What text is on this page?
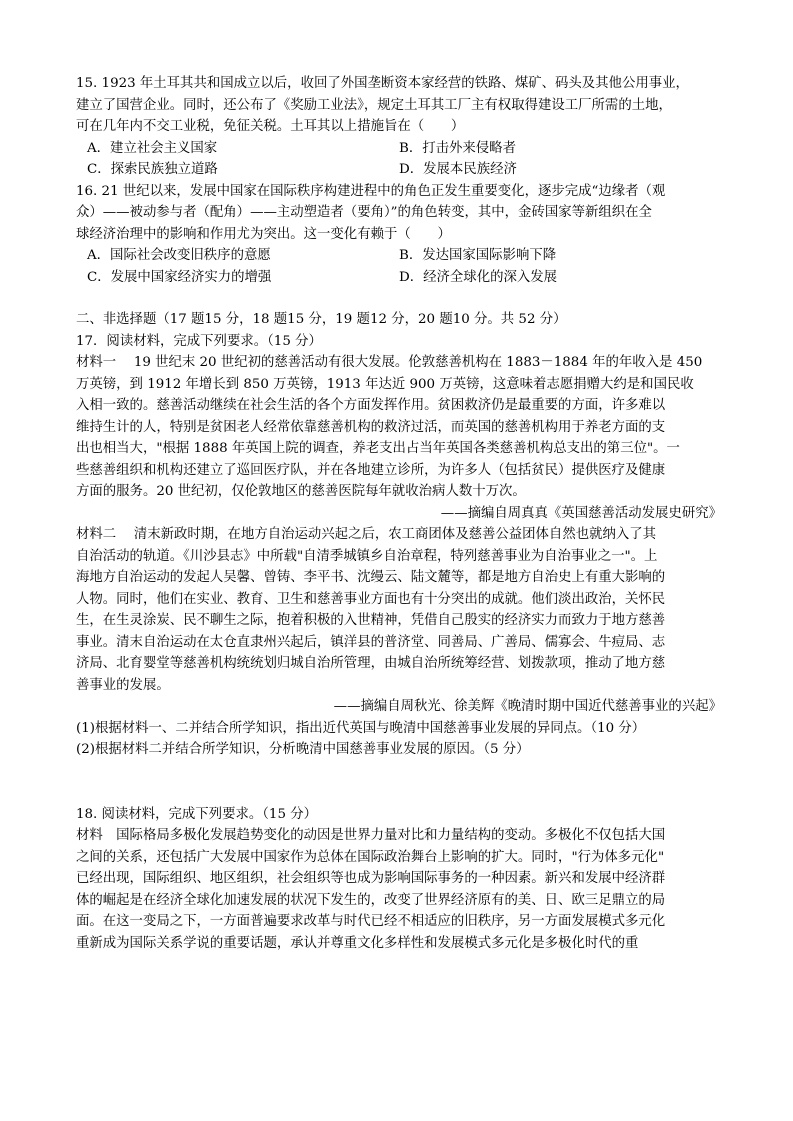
15. 1923 年土耳其共和国成立以后，收回了外国垄断资本家经营的铁路、煤矿、码头及其他公用事业，

建立了国营企业。同时，还公布了《奖励工业法》，规定土耳其工厂主有权取得建设工厂所需的土地，

可在几年内不交工业税，免征关税。土耳其以上措施旨在（　　）

A．建立社会主义国家	B．打击外来侵略者
C．探索民族独立道路	D．发展本民族经济

16. 21 世纪以来，发展中国家在国际秩序构建进程中的角色正发生重要变化，逐步完成“边缘者（观

众）——被动参与者（配角）——主动塑造者（要角）”的角色转变，其中，金砖国家等新组织在全

球经济治理中的影响和作用尤为突出。这一变化有赖于（　　）

A．国际社会改变旧秩序的意愿	B．发达国家国际影响下降
C．发展中国家经济实力的增强	D．经济全球化的深入发展

二、非选择题（17 题15 分，18 题15 分，19 题12 分，20 题10 分。共 52 分）

17．阅读材料，完成下列要求。（15 分）

材料一　 19 世纪末 20 世纪初的慈善活动有很大发展。伦敦慈善机构在 1883－1884 年的年收入是 450

万英镑，到 1912 年增长到 850 万英镑，1913 年达近 900 万英镑，这意味着志愿捐赠大约是和国民收

入相一致的。慈善活动继续在社会生活的各个方面发挥作用。贫困救济仍是最重要的方面，许多难以

维持生计的人，特别是贫困老人经常依靠慈善机构的救济过活，而英国的慈善机构用于养老方面的支

出也相当大，"根据 1888 年英国上院的调查，养老支出占当年英国各类慈善机构总支出的第三位"。一

些慈善组织和机构还建立了巡回医疗队，并在各地建立诊所，为许多人（包括贫民）提供医疗及健康

方面的服务。20 世纪初，仅伦敦地区的慈善医院每年就收治病人数十万次。

——摘编自周真真《英国慈善活动发展史研究》

材料二　 清末新政时期，在地方自治运动兴起之后，农工商团体及慈善公益团体自然也就纳入了其

自治活动的轨道。《川沙县志》中所载"自清季城镇乡自治章程，特列慈善事业为自治事业之一"。上

海地方自治运动的发起人吴馨、曾铸、李平书、沈缦云、陆文麓等，都是地方自治史上有重大影响的

人物。同时，他们在实业、教育、卫生和慈善事业方面也有十分突出的成就。他们淡出政治，关怀民

生，在生灵涂炭、民不聊生之际，抱着积极的入世精神，凭借自己殷实的经济实力而致力于地方慈善

事业。清末自治运动在太仓直隶州兴起后，镇洋县的普济堂、同善局、广善局、儒寡会、牛痘局、志

济局、北育婴堂等慈善机构统统划归城自治所管理，由城自治所统筹经营、划拨款项，推动了地方慈

善事业的发展。

——摘编自周秋光、徐美辉《晚清时期中国近代慈善事业的兴起》

(1)根据材料一、二并结合所学知识，指出近代英国与晚清中国慈善事业发展的异同点。（10 分）

(2)根据材料二并结合所学知识，分析晚清中国慈善事业发展的原因。（5 分）

18. 阅读材料，完成下列要求。（15 分）

材料　国际格局多极化发展趋势变化的动因是世界力量对比和力量结构的变动。多极化不仅包括大国

之间的关系，还包括广大发展中国家作为总体在国际政治舞台上影响的扩大。同时，"行为体多元化"

已经出现，国际组织、地区组织，社会组织等也成为影响国际事务的一种因素。新兴和发展中经济群

体的崛起是在经济全球化加速发展的状况下发生的，改变了世界经济原有的美、日、欧三足鼎立的局

面。在这一变局之下，一方面普遍要求改革与时代已经不相适应的旧秩序，另一方面发展模式多元化

重新成为国际关系学说的重要话题，承认并尊重文化多样性和发展模式多元化是多极化时代的重
